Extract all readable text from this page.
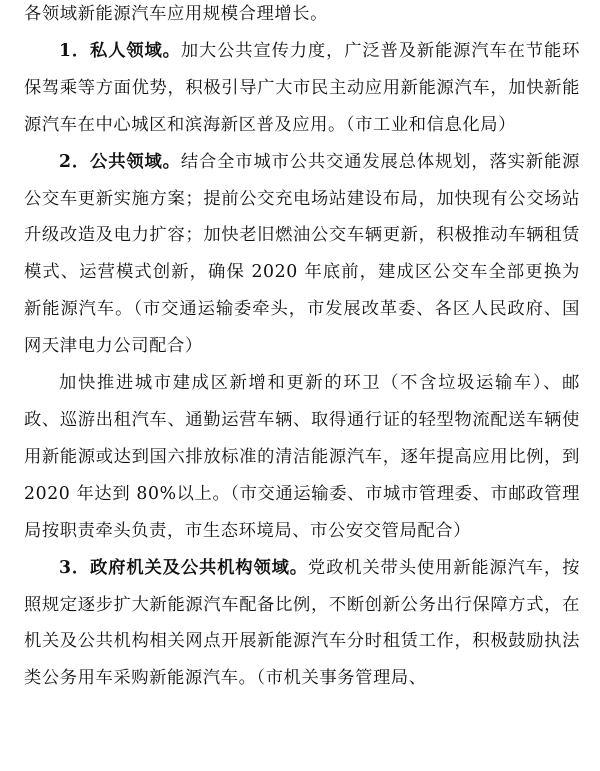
各领域新能源汽车应用规模合理增长。

1．私人领域。加大公共宣传力度，广泛普及新能源汽车在节能环保驾乘等方面优势，积极引导广大市民主动应用新能源汽车，加快新能源汽车在中心城区和滨海新区普及应用。（市工业和信息化局）

2．公共领域。结合全市城市公共交通发展总体规划，落实新能源公交车更新实施方案；提前公交充电场站建设布局，加快现有公交场站升级改造及电力扩容；加快老旧燃油公交车辆更新，积极推动车辆租赁模式、运营模式创新，确保 2020 年底前，建成区公交车全部更换为新能源汽车。（市交通运输委牵头，市发展改革委、各区人民政府、国网天津电力公司配合）

加快推进城市建成区新增和更新的环卫（不含垃圾运输车）、邮政、巡游出租汽车、通勤运营车辆、取得通行证的轻型物流配送车辆使用新能源或达到国六排放标准的清洁能源汽车，逐年提高应用比例，到 2020 年达到 80%以上。（市交通运输委、市城市管理委、市邮政管理局按职责牵头负责，市生态环境局、市公安交管局配合）

3．政府机关及公共机构领域。党政机关带头使用新能源汽车，按照规定逐步扩大新能源汽车配备比例，不断创新公务出行保障方式，在机关及公共机构相关网点开展新能源汽车分时租赁工作，积极鼓励执法类公务用车采购新能源汽车。（市机关事务管理局、
